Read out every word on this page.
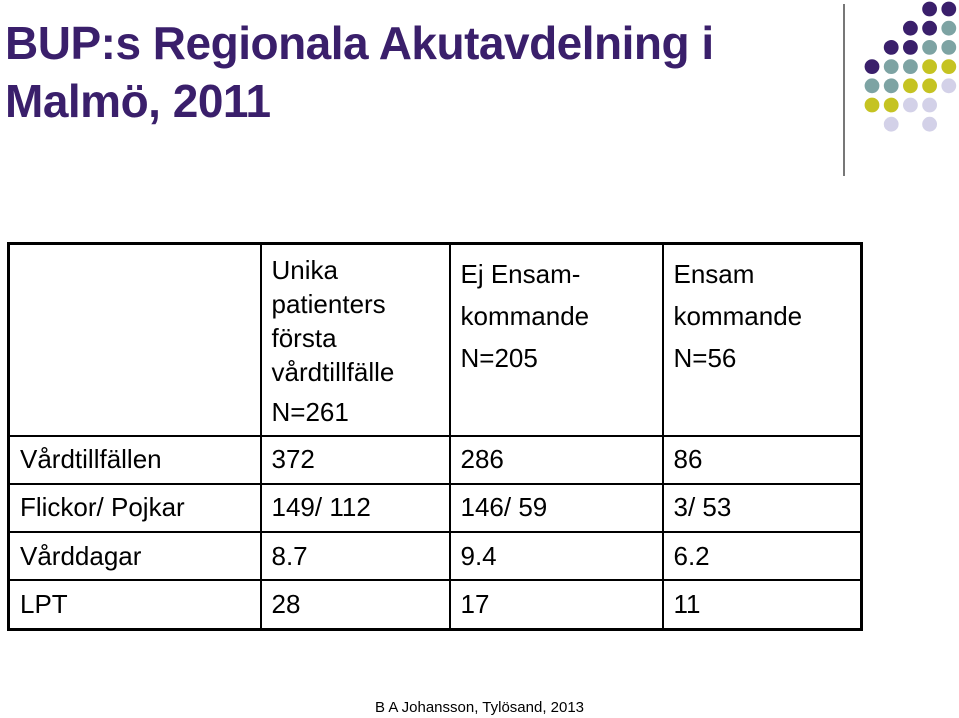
BUP:s Regionala Akutavdelning i Malmö, 2011

	Unika
patienters
första
vårdtillfälle
N=261	Ej Ensam-
kommande
N=205	Ensam
kommande
N=56

Vårdtillfällen	372	286	86
Flickor/ Pojkar	149/ 112	146/ 59	3/ 53
Vårddagar	8.7	9.4	6.2
LPT	28	17	11
B A Johansson, Tylösand, 2013
